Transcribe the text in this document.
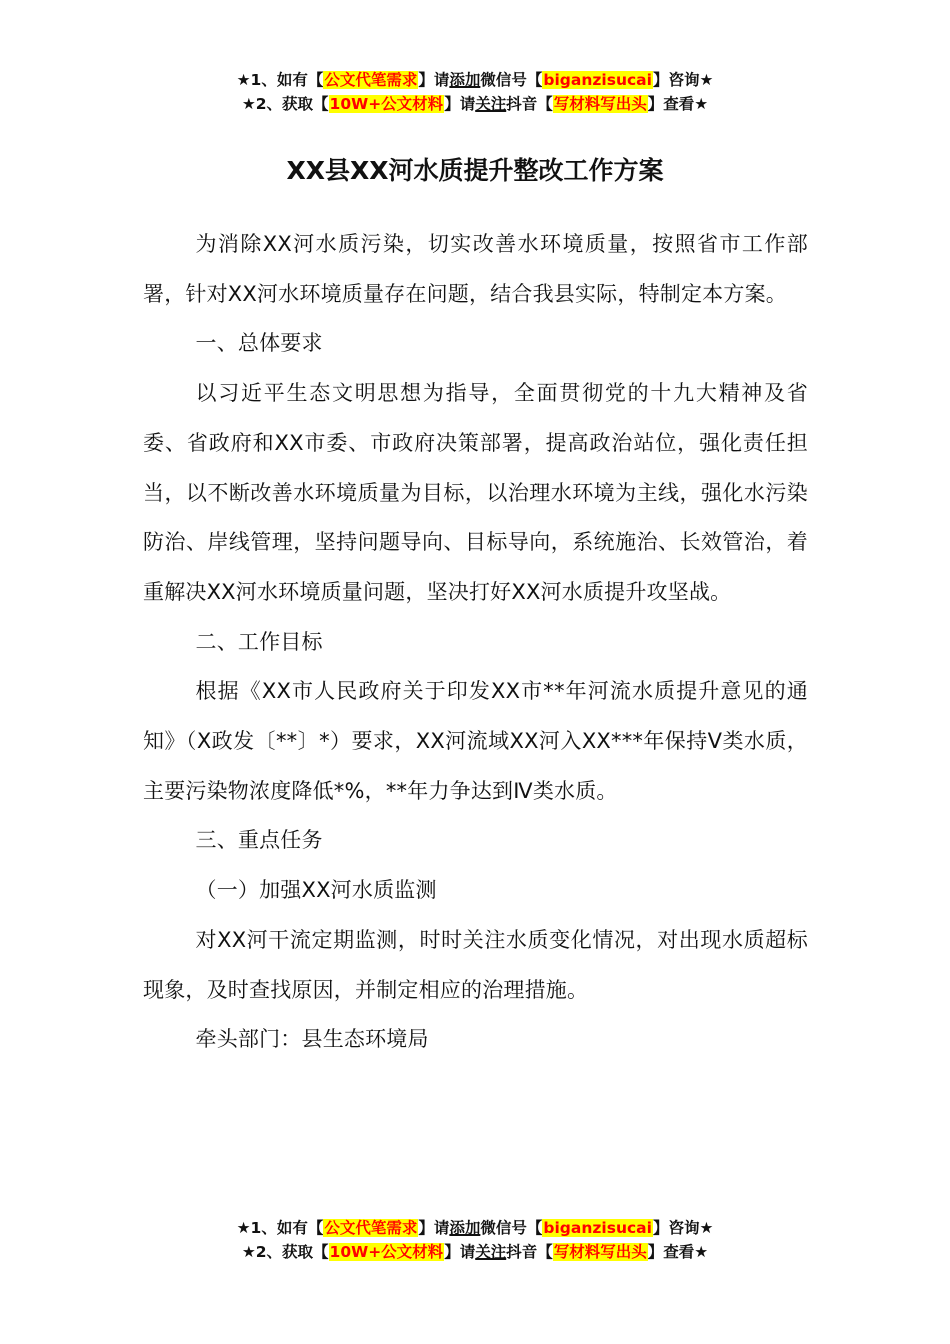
★1、如有【公文代笔需求】请添加微信号【biganzisucai】咨询★
★2、获取【10W+公文材料】请关注抖音【写材料写出头】查看★
XX县XX河水质提升整改工作方案

为消除XX河水质污染，切实改善水环境质量，按照省市工作部署，针对XX河水环境质量存在问题，结合我县实际，特制定本方案。

一、总体要求

以习近平生态文明思想为指导，全面贯彻党的十九大精神及省委、省政府和XX市委、市政府决策部署，提高政治站位，强化责任担当，以不断改善水环境质量为目标，以治理水环境为主线，强化水污染防治、岸线管理，坚持问题导向、目标导向，系统施治、长效管治，着重解决XX河水环境质量问题，坚决打好XX河水质提升攻坚战。

二、工作目标

根据《XX市人民政府关于印发XX市**年河流水质提升意见的通知》（X政发〔**〕*）要求，XX河流域XX河入XX***年保持Ⅴ类水质，主要污染物浓度降低*%，**年力争达到Ⅳ类水质。

三、重点任务

（一）加强XX河水质监测

对XX河干流定期监测，时时关注水质变化情况，对出现水质超标现象，及时查找原因，并制定相应的治理措施。

牵头部门：县生态环境局

★1、如有【公文代笔需求】请添加微信号【biganzisucai】咨询★
★2、获取【10W+公文材料】请关注抖音【写材料写出头】查看★
